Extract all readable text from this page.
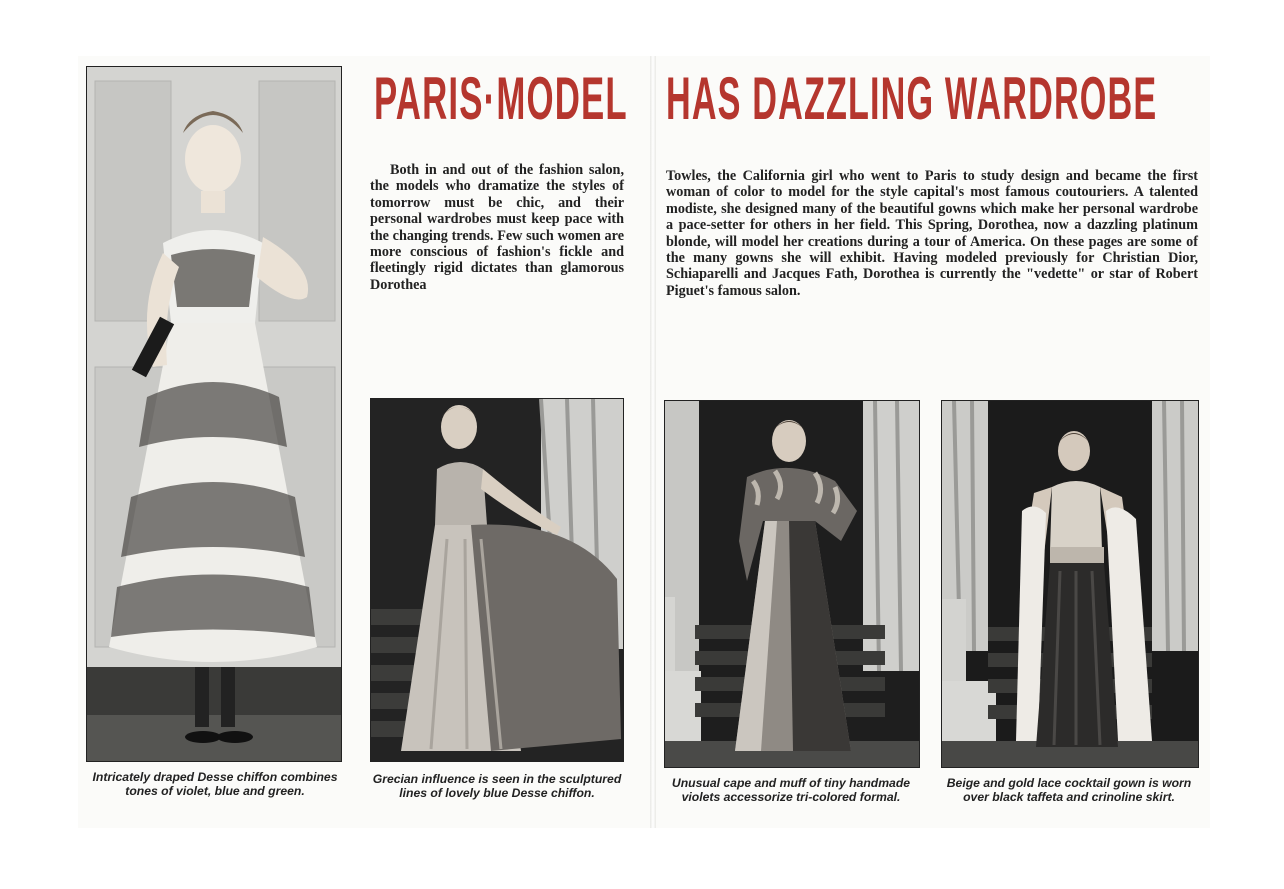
PARIS·MODEL HAS DAZZLING WARDROBE

Both in and out of the fashion salon, the models who dramatize the styles of tomorrow must be chic, and their personal wardrobes must keep pace with the changing trends. Few such women are more conscious of fashion's fickle and fleetingly rigid dictates than glamorous Dorothea

Towles, the California girl who went to Paris to study design and became the first woman of color to model for the style capital's most famous coutouriers. A talented modiste, she designed many of the beautiful gowns which make her personal wardrobe a pace-setter for others in her field. This Spring, Dorothea, now a dazzling platinum blonde, will model her creations during a tour of America. On these pages are some of the many gowns she will exhibit. Having modeled previously for Christian Dior, Schiaparelli and Jacques Fath, Dorothea is currently the "vedette" or star of Robert Piguet's famous salon.

Intricately draped Desse chiffon combines tones of violet, blue and green.

Grecian influence is seen in the sculptured lines of lovely blue Desse chiffon.

Unusual cape and muff of tiny handmade violets accessorize tri-colored formal.

Beige and gold lace cocktail gown is worn over black taffeta and crinoline skirt.
